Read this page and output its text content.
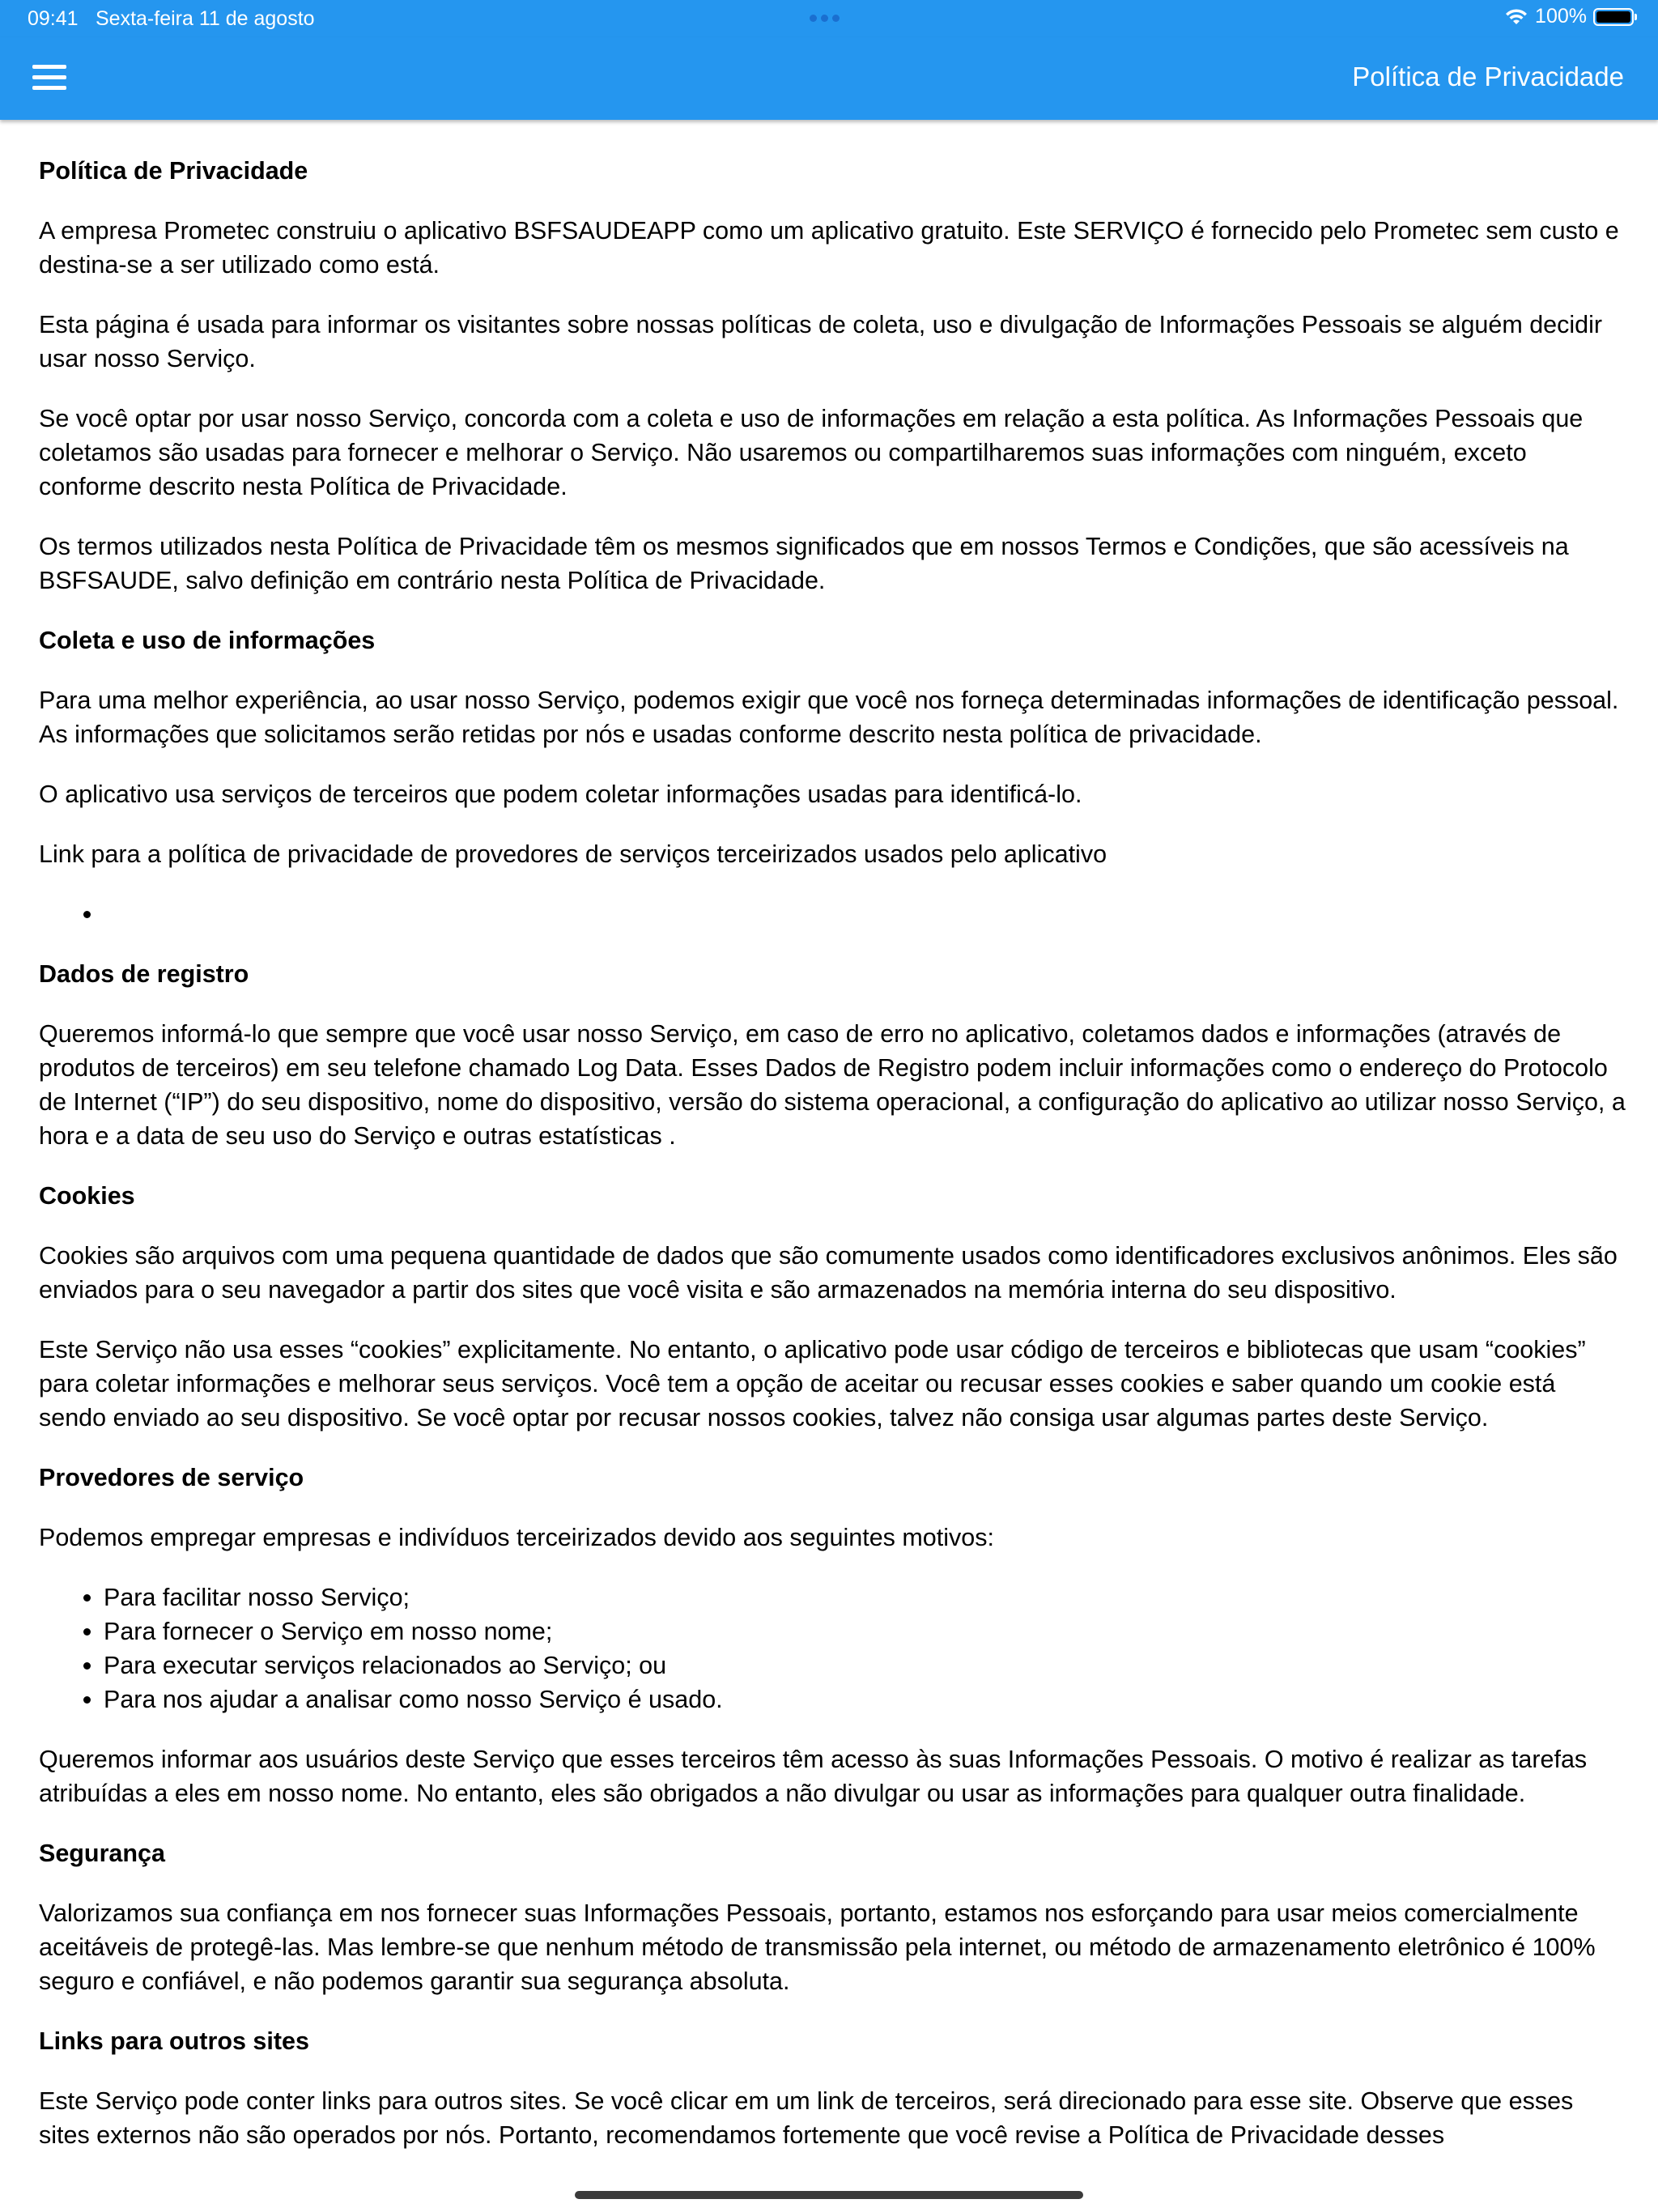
09:41 Sexta-feira 11 de agosto	100%
Política de Privacidade
Política de Privacidade

A empresa Prometec construiu o aplicativo BSFSAUDEAPP como um aplicativo gratuito. Este SERVIÇO é fornecido pelo Prometec sem custo e destina-se a ser utilizado como está.

Esta página é usada para informar os visitantes sobre nossas políticas de coleta, uso e divulgação de Informações Pessoais se alguém decidir usar nosso Serviço.

Se você optar por usar nosso Serviço, concorda com a coleta e uso de informações em relação a esta política. As Informações Pessoais que coletamos são usadas para fornecer e melhorar o Serviço. Não usaremos ou compartilharemos suas informações com ninguém, exceto conforme descrito nesta Política de Privacidade.

Os termos utilizados nesta Política de Privacidade têm os mesmos significados que em nossos Termos e Condições, que são acessíveis na BSFSAUDE, salvo definição em contrário nesta Política de Privacidade.

Coleta e uso de informações

Para uma melhor experiência, ao usar nosso Serviço, podemos exigir que você nos forneça determinadas informações de identificação pessoal. As informações que solicitamos serão retidas por nós e usadas conforme descrito nesta política de privacidade.

O aplicativo usa serviços de terceiros que podem coletar informações usadas para identificá-lo.

Link para a política de privacidade de provedores de serviços terceirizados usados pelo aplicativo

•
Dados de registro

Queremos informá-lo que sempre que você usar nosso Serviço, em caso de erro no aplicativo, coletamos dados e informações (através de produtos de terceiros) em seu telefone chamado Log Data. Esses Dados de Registro podem incluir informações como o endereço do Protocolo de Internet (“IP”) do seu dispositivo, nome do dispositivo, versão do sistema operacional, a configuração do aplicativo ao utilizar nosso Serviço, a hora e a data de seu uso do Serviço e outras estatísticas .

Cookies

Cookies são arquivos com uma pequena quantidade de dados que são comumente usados como identificadores exclusivos anônimos. Eles são enviados para o seu navegador a partir dos sites que você visita e são armazenados na memória interna do seu dispositivo.

Este Serviço não usa esses “cookies” explicitamente. No entanto, o aplicativo pode usar código de terceiros e bibliotecas que usam “cookies” para coletar informações e melhorar seus serviços. Você tem a opção de aceitar ou recusar esses cookies e saber quando um cookie está sendo enviado ao seu dispositivo. Se você optar por recusar nossos cookies, talvez não consiga usar algumas partes deste Serviço.

Provedores de serviço

Podemos empregar empresas e indivíduos terceirizados devido aos seguintes motivos:

• Para facilitar nosso Serviço;
• Para fornecer o Serviço em nosso nome;
• Para executar serviços relacionados ao Serviço; ou
• Para nos ajudar a analisar como nosso Serviço é usado.

Queremos informar aos usuários deste Serviço que esses terceiros têm acesso às suas Informações Pessoais. O motivo é realizar as tarefas atribuídas a eles em nosso nome. No entanto, eles são obrigados a não divulgar ou usar as informações para qualquer outra finalidade.

Segurança

Valorizamos sua confiança em nos fornecer suas Informações Pessoais, portanto, estamos nos esforçando para usar meios comercialmente aceitáveis de protegê-las. Mas lembre-se que nenhum método de transmissão pela internet, ou método de armazenamento eletrônico é 100% seguro e confiável, e não podemos garantir sua segurança absoluta.

Links para outros sites

Este Serviço pode conter links para outros sites. Se você clicar em um link de terceiros, será direcionado para esse site. Observe que esses sites externos não são operados por nós. Portanto, recomendamos fortemente que você revise a Política de Privacidade desses
